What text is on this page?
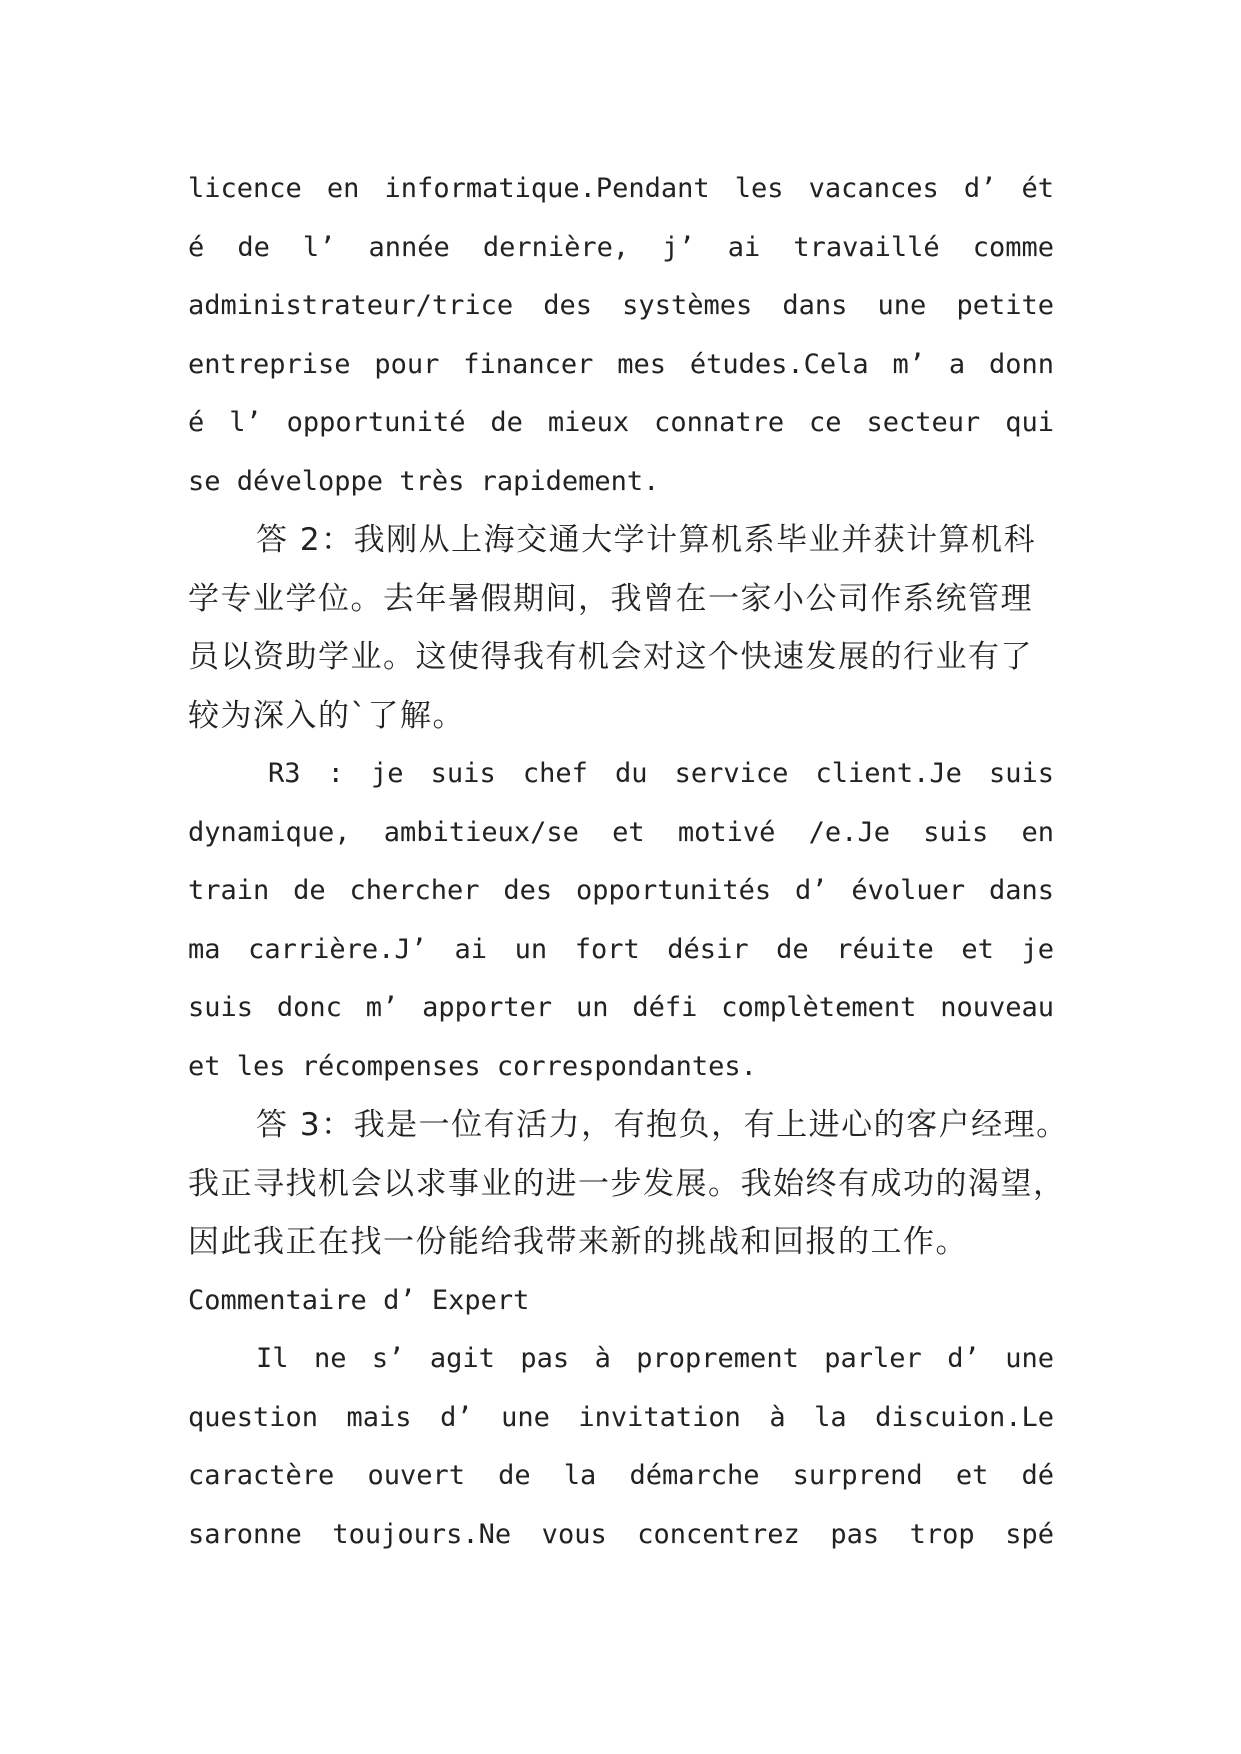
licence en informatique.Pendant les vacances d’ ét
é de l’ année dernière, j’ ai travaillé comme
administrateur/trice des systèmes dans une petite
entreprise pour financer mes études.Cela m’ a donn
é l’ opportunité de mieux connatre ce secteur qui
se développe très rapidement.
答 2：我刚从上海交通大学计算机系毕业并获计算机科
学专业学位。去年暑假期间，我曾在一家小公司作系统管理
员以资助学业。这使得我有机会对这个快速发展的行业有了
较为深入的`了解。
R3 : je suis chef du service client.Je suis
dynamique, ambitieux/se et motivé /e.Je suis en
train de chercher des opportunités d’ évoluer dans
ma carrière.J’ ai un fort désir de réuite et je
suis donc m’ apporter un défi complètement nouveau
et les récompenses correspondantes.
答 3：我是一位有活力，有抱负，有上进心的客户经理。
我正寻找机会以求事业的进一步发展。我始终有成功的渴望，
因此我正在找一份能给我带来新的挑战和回报的工作。
Commentaire d’ Expert
Il ne s’ agit pas à proprement parler d’ une
question mais d’ une invitation à la discuion.Le
caractère ouvert de la démarche surprend et dé
saronne toujours.Ne vous concentrez pas trop spé
